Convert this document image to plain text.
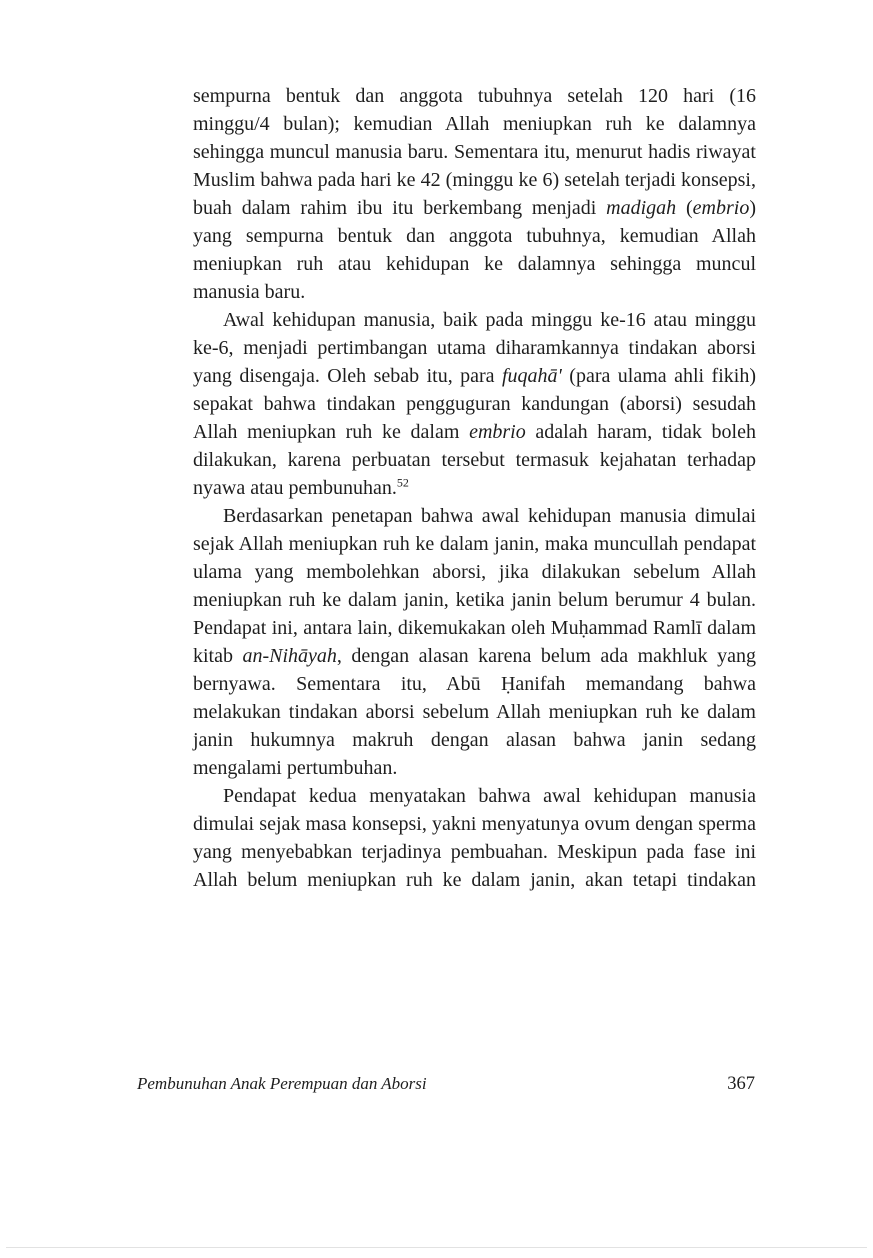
sempurna bentuk dan anggota tubuhnya setelah 120 hari (16 minggu/4 bulan); kemudian Allah meniupkan ruh ke dalamnya sehingga muncul manusia baru. Sementara itu, menurut hadis riwayat Muslim bahwa pada hari ke 42 (minggu ke 6) setelah terjadi konsepsi, buah dalam rahim ibu itu berkembang menjadi madigah (embrio) yang sempurna bentuk dan anggota tubuhnya, kemudian Allah meniupkan ruh atau kehidupan ke dalamnya sehingga muncul manusia baru.

Awal kehidupan manusia, baik pada minggu ke-16 atau minggu ke-6, menjadi pertimbangan utama diharamkannya tindakan aborsi yang disengaja. Oleh sebab itu, para fuqahā' (para ulama ahli fikih) sepakat bahwa tindakan pengguguran kandungan (aborsi) sesudah Allah meniupkan ruh ke dalam embrio adalah haram, tidak boleh dilakukan, karena perbuatan tersebut termasuk kejahatan terhadap nyawa atau pembunuhan.$^{52}$

Berdasarkan penetapan bahwa awal kehidupan manusia dimulai sejak Allah meniupkan ruh ke dalam janin, maka muncullah pendapat ulama yang membolehkan aborsi, jika dilakukan sebelum Allah meniupkan ruh ke dalam janin, ketika janin belum berumur 4 bulan. Pendapat ini, antara lain, dikemukakan oleh Muḥammad Ramlī dalam kitab an-Nihāyah, dengan alasan karena belum ada makhluk yang bernyawa. Sementara itu, Abū Ḥanifah memandang bahwa melakukan tindakan aborsi sebelum Allah meniupkan ruh ke dalam janin hukumnya makruh dengan alasan bahwa janin sedang mengalami pertumbuhan.

Pendapat kedua menyatakan bahwa awal kehidupan manusia dimulai sejak masa konsepsi, yakni menyatunya ovum dengan sperma yang menyebabkan terjadinya pembuahan. Meskipun pada fase ini Allah belum meniupkan ruh ke dalam janin, akan tetapi tindakan

Pembunuhan Anak Perempuan dan Aborsi	367
